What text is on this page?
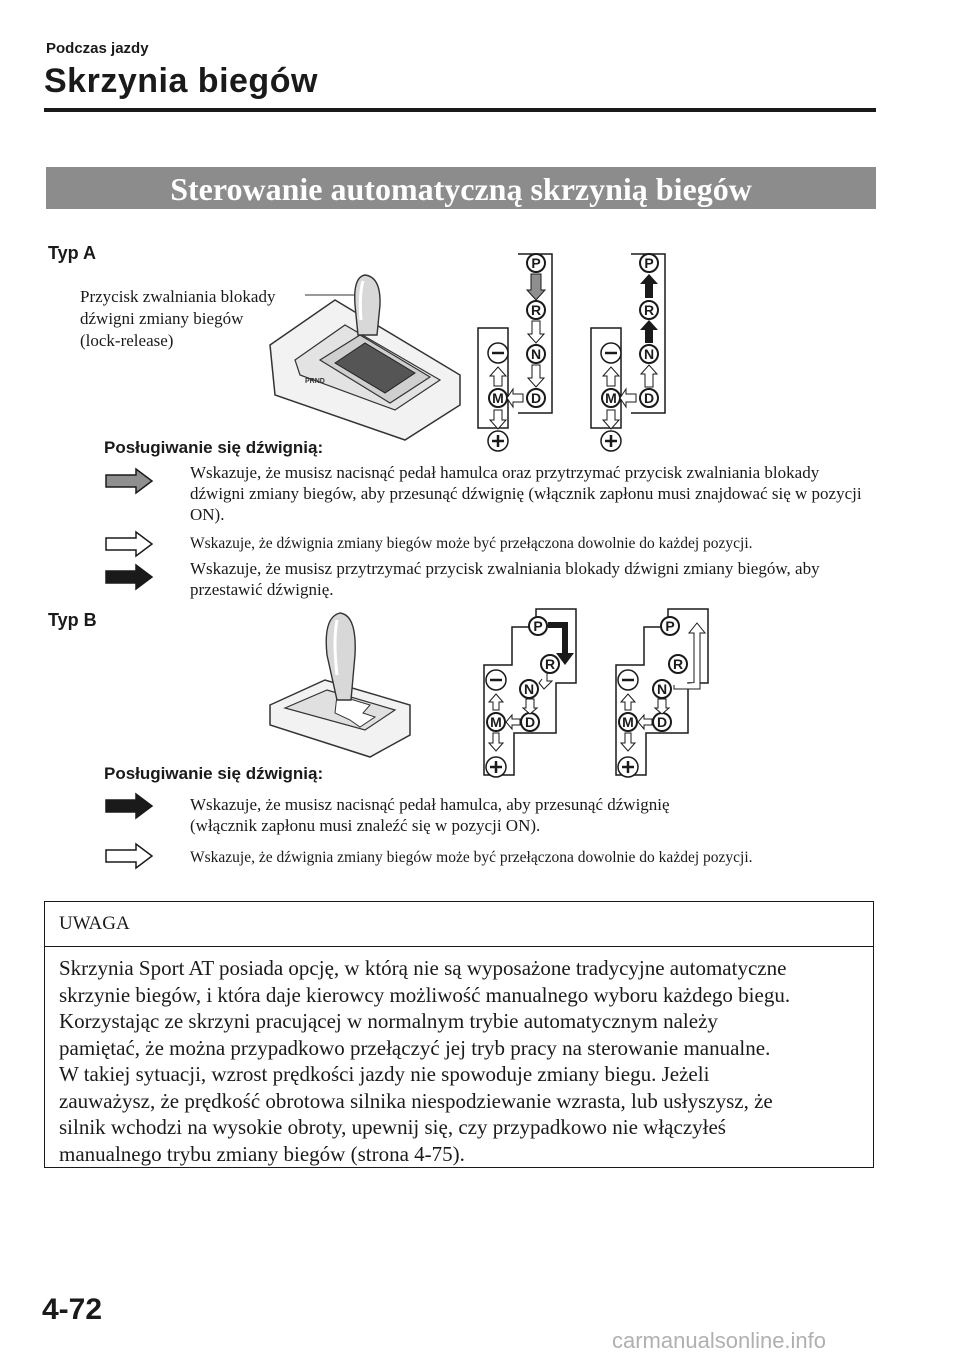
Podczas jazdy
Skrzynia biegów
Sterowanie automatyczną skrzynią biegów
Typ A
Przycisk zwalniania blokady
dźwigni zmiany biegów
(lock-release)
PRND
P
R
N
D
M
P
R
N
D
M
Posługiwanie się dźwignią:
Wskazuje, że musisz nacisnąć pedał hamulca oraz przytrzymać przycisk zwalniania blokady dźwigni zmiany biegów, aby przesunąć dźwignię (włącznik zapłonu musi znajdować się w pozycji ON).
Wskazuje, że dźwignia zmiany biegów może być przełączona dowolnie do każdej pozycji.
Wskazuje, że musisz przytrzymać przycisk zwalniania blokady dźwigni zmiany biegów, aby przestawić dźwignię.
Typ B	P
R
N
D
M
P
R
N
D
M
Posługiwanie się dźwignią:
Wskazuje, że musisz nacisnąć pedał hamulca, aby przesunąć dźwignię (włącznik zapłonu musi znaleźć się w pozycji ON).
Wskazuje, że dźwignia zmiany biegów może być przełączona dowolnie do każdej pozycji.
UWAGA
Skrzynia Sport AT posiada opcję, w którą nie są wyposażone tradycyjne automatyczne
skrzynie biegów, i która daje kierowcy możliwość manualnego wyboru każdego biegu.
Korzystając ze skrzyni pracującej w normalnym trybie automatycznym należy
pamiętać, że można przypadkowo przełączyć jej tryb pracy na sterowanie manualne.
W takiej sytuacji, wzrost prędkości jazdy nie spowoduje zmiany biegu. Jeżeli
zauważysz, że prędkość obrotowa silnika niespodziewanie wzrasta, lub usłyszysz, że
silnik wchodzi na wysokie obroty, upewnij się, czy przypadkowo nie włączyłeś
manualnego trybu zmiany biegów (strona 4-75).
4-72
carmanualsonline.info
